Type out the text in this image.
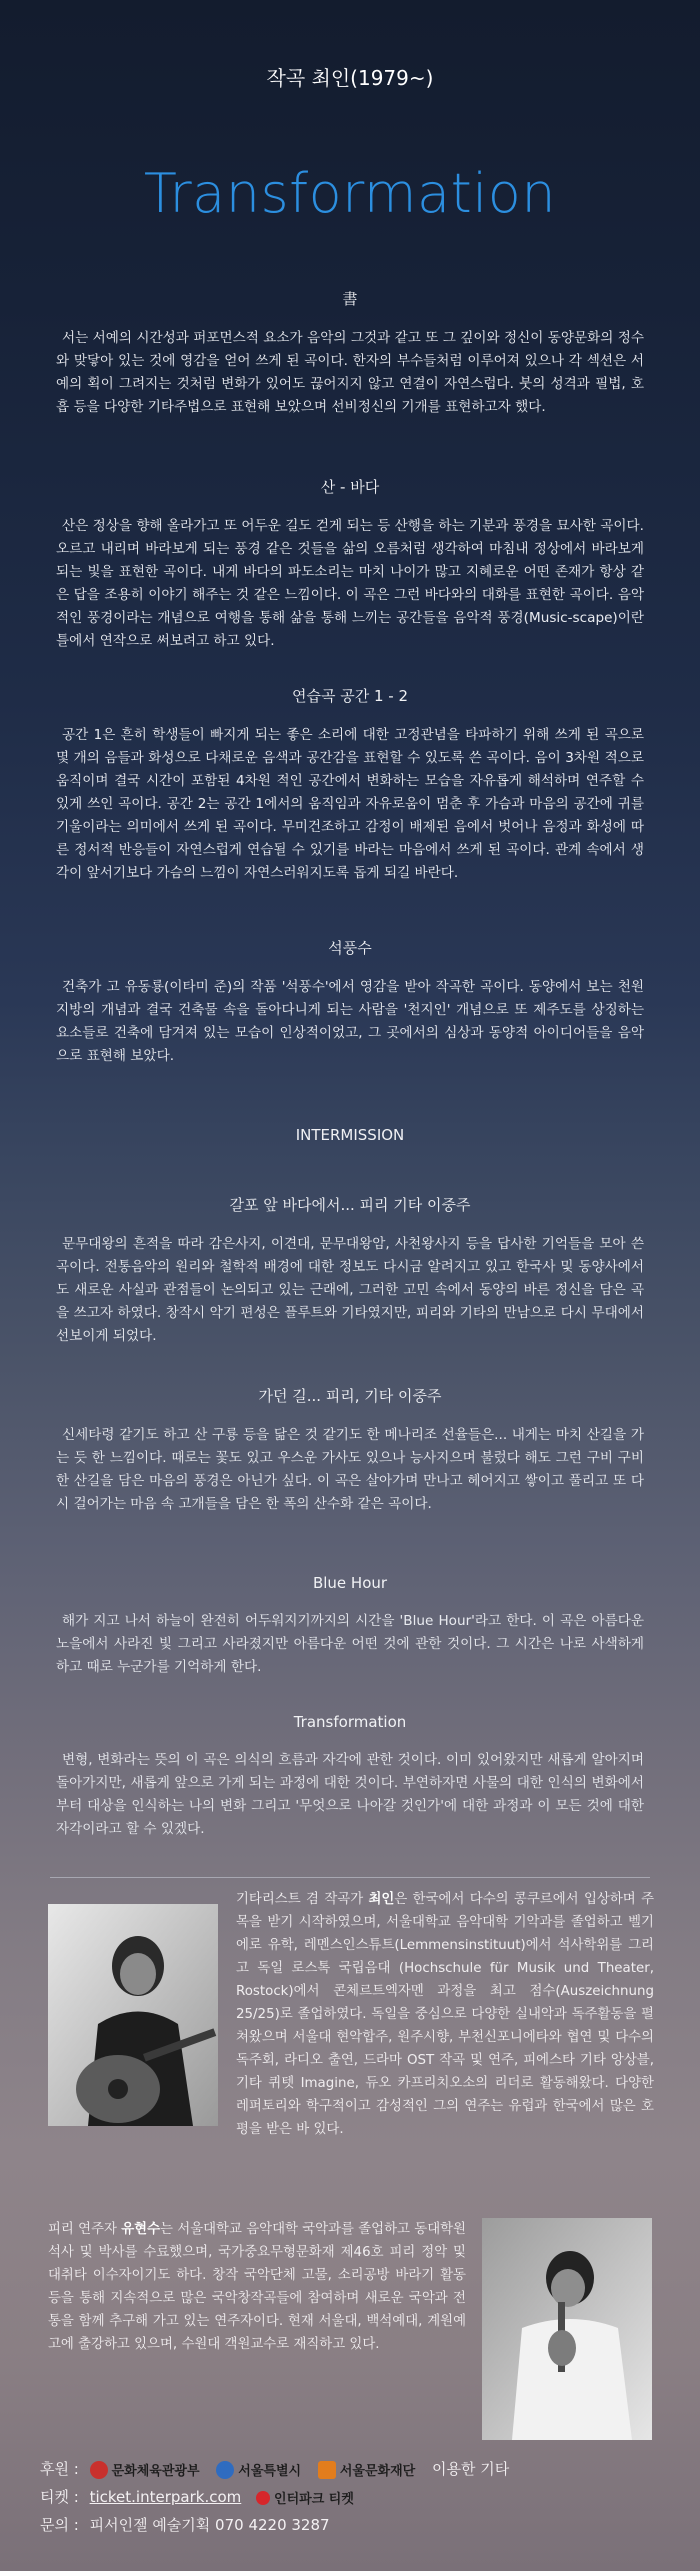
작곡 최인(1979~)
Transformation

書

서는 서예의 시간성과 퍼포먼스적 요소가 음악의 그것과 같고 또 그 깊이와 정신이 동양문화의 정수와 맞닿아 있는 것에 영감을 얻어 쓰게 된 곡이다. 한자의 부수들처럼 이루어져 있으나 각 섹션은 서예의 획이 그려지는 것처럼 변화가 있어도 끊어지지 않고 연결이 자연스럽다. 붓의 성격과 필법, 호흡 등을 다양한 기타주법으로 표현해 보았으며 선비정신의 기개를 표현하고자 했다.

산 - 바다

산은 정상을 향해 올라가고 또 어두운 길도 걷게 되는 등 산행을 하는 기분과 풍경을 묘사한 곡이다. 오르고 내리며 바라보게 되는 풍경 같은 것들을 삶의 오름처럼 생각하여 마침내 정상에서 바라보게 되는 빛을 표현한 곡이다. 내게 바다의 파도소리는 마치 나이가 많고 지혜로운 어떤 존재가 항상 같은 답을 조용히 이야기 해주는 것 같은 느낌이다. 이 곡은 그런 바다와의 대화를 표현한 곡이다. 음악적인 풍경이라는 개념으로 여행을 통해 삶을 통해 느끼는 공간들을 음악적 풍경(Music-scape)이란 틀에서 연작으로 써보려고 하고 있다.

연습곡 공간 1 - 2

공간 1은 흔히 학생들이 빠지게 되는 좋은 소리에 대한 고정관념을 타파하기 위해 쓰게 된 곡으로 몇 개의 음들과 화성으로 다채로운 음색과 공간감을 표현할 수 있도록 쓴 곡이다. 음이 3차원 적으로 움직이며 결국 시간이 포함된 4차원 적인 공간에서 변화하는 모습을 자유롭게 해석하며 연주할 수 있게 쓰인 곡이다. 공간 2는 공간 1에서의 움직임과 자유로움이 멈춘 후 가슴과 마음의 공간에 귀를 기울이라는 의미에서 쓰게 된 곡이다. 무미건조하고 감정이 배제된 음에서 벗어나 음정과 화성에 따른 정서적 반응들이 자연스럽게 연습될 수 있기를 바라는 마음에서 쓰게 된 곡이다. 관계 속에서 생각이 앞서기보다 가슴의 느낌이 자연스러워지도록 돕게 되길 바란다.

석풍수

건축가 고 유동룡(이타미 준)의 작품 '석풍수'에서 영감을 받아 작곡한 곡이다. 동양에서 보는 천원지방의 개념과 결국 건축물 속을 돌아다니게 되는 사람을 '천지인' 개념으로 또 제주도를 상징하는 요소들로 건축에 담겨져 있는 모습이 인상적이었고, 그 곳에서의 심상과 동양적 아이디어들을 음악으로 표현해 보았다.

INTERMISSION

갈포 앞 바다에서... 피리 기타 이중주

문무대왕의 흔적을 따라 감은사지, 이견대, 문무대왕암, 사천왕사지 등을 답사한 기억들을 모아 쓴 곡이다. 전통음악의 원리와 철학적 배경에 대한 정보도 다시금 알려지고 있고 한국사 및 동양사에서도 새로운 사실과 관점들이 논의되고 있는 근래에, 그러한 고민 속에서 동양의 바른 정신을 담은 곡을 쓰고자 하였다. 창작시 악기 편성은 플루트와 기타였지만, 피리와 기타의 만남으로 다시 무대에서 선보이게 되었다.

가던 길... 피리, 기타 이중주

신세타령 같기도 하고 산 구룡 등을 닮은 것 같기도 한 메나리조 선율들은... 내게는 마치 산길을 가는 듯 한 느낌이다. 때로는 꽃도 있고 우스운 가사도 있으나 능사지으며 불렀다 해도 그런 구비 구비한 산길을 담은 마음의 풍경은 아닌가 싶다. 이 곡은 살아가며 만나고 헤어지고 쌓이고 풀리고 또 다시 걸어가는 마음 속 고개들을 담은 한 폭의 산수화 같은 곡이다.

Blue Hour

해가 지고 나서 하늘이 완전히 어두워지기까지의 시간을 'Blue Hour'라고 한다. 이 곡은 아름다운 노을에서 사라진 빛 그리고 사라졌지만 아름다운 어떤 것에 관한 것이다. 그 시간은 나로 사색하게 하고 때로 누군가를 기억하게 한다.

Transformation

변형, 변화라는 뜻의 이 곡은 의식의 흐름과 자각에 관한 것이다. 이미 있어왔지만 새롭게 알아지며 돌아가지만, 새롭게 앞으로 가게 되는 과정에 대한 것이다. 부연하자면 사물의 대한 인식의 변화에서부터 대상을 인식하는 나의 변화 그리고 '무엇으로 나아갈 것인가'에 대한 과정과 이 모든 것에 대한 자각이라고 할 수 있겠다.

기타리스트 겸 작곡가 최인은 한국에서 다수의 콩쿠르에서 입상하며 주목을 받기 시작하였으며, 서울대학교 음악대학 기악과를 졸업하고 벨기에로 유학, 레멘스인스튜트(Lemmensinstituut)에서 석사학위를 그리고 독일 로스톡 국립음대 (Hochschule für Musik und Theater, Rostock)에서 콘체르트엑자멘 과정을 최고 점수(Auszeichnung 25/25)로 졸업하였다. 독일을 중심으로 다양한 실내악과 독주활동을 펼쳐왔으며 서울대 현악합주, 원주시향, 부천신포니에타와 협연 및 다수의 독주회, 라디오 출연, 드라마 OST 작곡 및 연주, 피에스타 기타 앙상블, 기타 퀴텟 Imagine, 듀오 카프리치오소의 리더로 활동해왔다. 다양한 레퍼토리와 학구적이고 감성적인 그의 연주는 유럽과 한국에서 많은 호평을 받은 바 있다.

피리 연주자 유현수는 서울대학교 음악대학 국악과를 졸업하고 동대학원 석사 및 박사를 수료했으며, 국가중요무형문화재 제46호 피리 정악 및 대취타 이수자이기도 하다. 창작 국악단체 고물, 소리공방 바라기 활동 등을 통해 지속적으로 많은 국악창작곡들에 참여하며 새로운 국악과 전통을 함께 추구해 가고 있는 연주자이다. 현재 서울대, 백석예대, 계원예고에 출강하고 있으며, 수원대 객원교수로 재직하고 있다.

후원 :	문화체육관광부	서울특별시	서울문화재단 이용한 기타
티켓 : ticket.interpark.com	인터파크 티켓
문의 : 피서인젤 예술기획 070 4220 3287
